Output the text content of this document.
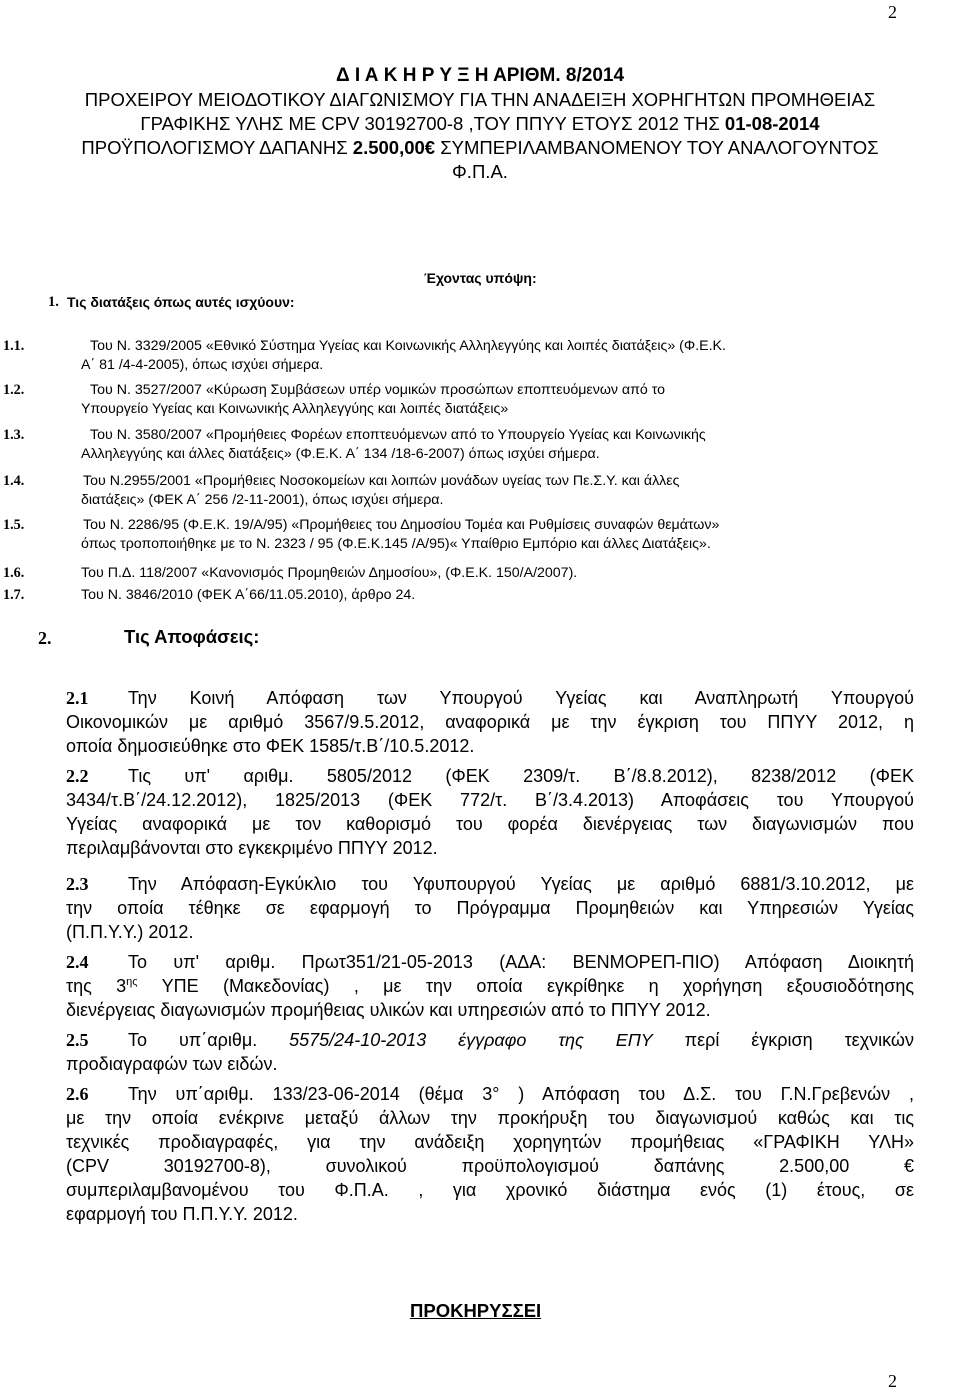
2
2
Δ Ι Α Κ Η Ρ Υ Ξ Η ΑΡΙΘΜ. 8/2014
ΠΡΟΧΕΙΡΟΥ ΜΕΙΟΔΟΤΙΚΟΥ ΔΙΑΓΩΝΙΣΜΟΥ ΓΙΑ ΤΗΝ ΑΝΑΔΕΙΞΗ ΧΟΡΗΓΗΤΩΝ ΠΡΟΜΗΘΕΙΑΣ
ΓΡΑΦΙΚΗΣ ΥΛΗΣ ΜΕ CPV 30192700-8 ,ΤΟΥ ΠΠΥΥ ΕΤΟΥΣ 2012 ΤΗΣ 01-08-2014
ΠΡΟΫΠΟΛΟΓΙΣΜΟΥ ΔΑΠΑΝΗΣ 2.500,00€ ΣΥΜΠΕΡΙΛΑΜΒΑΝΟΜΕΝΟΥ ΤΟΥ ΑΝΑΛΟΓΟΥΝΤΟΣ
Φ.Π.Α.
Έχοντας υπόψη:
1. Τις διατάξεις όπως αυτές ισχύουν:
1.1.	Του Ν. 3329/2005 «Εθνικό Σύστημα Υγείας και Κοινωνικής Αλληλεγγύης και λοιπές διατάξεις» (Φ.Ε.Κ.
Α΄ 81 /4-4-2005), όπως ισχύει σήμερα.
1.2.	Του Ν. 3527/2007 «Κύρωση Συμβάσεων υπέρ νομικών προσώπων εποπτευόμενων από το
Υπουργείο Υγείας και Κοινωνικής Αλληλεγγύης και λοιπές διατάξεις»
1.3.	Του Ν. 3580/2007 «Προμήθειες Φορέων εποπτευόμενων από το Υπουργείο Υγείας και Κοινωνικής
Αλληλεγγύης και άλλες διατάξεις» (Φ.Ε.Κ. Α΄ 134 /18-6-2007) όπως ισχύει σήμερα.
1.4.	Του Ν.2955/2001 «Προμήθειες Νοσοκομείων και λοιπών μονάδων υγείας των Πε.Σ.Υ. και άλλες
διατάξεις» (ΦΕΚ Α΄ 256 /2-11-2001), όπως ισχύει σήμερα.
1.5.	Του Ν. 2286/95 (Φ.Ε.Κ. 19/Α/95) «Προμήθειες του Δημοσίου Τομέα και Ρυθμίσεις συναφών θεμάτων»
όπως τροποποιήθηκε με το Ν. 2323 / 95 (Φ.Ε.Κ.145 /Α/95)« Υπαίθριο Εμπόριο και άλλες Διατάξεις».
1.6.	Του Π.Δ. 118/2007 «Κανονισμός Προμηθειών Δημοσίου», (Φ.Ε.Κ. 150/Α/2007).
1.7.	Του Ν. 3846/2010 (ΦΕΚ Α΄66/11.05.2010), άρθρο 24.
2.	Τις Αποφάσεις:
2.1 Την Κοινή Απόφαση των Υπουργού Υγείας και Αναπληρωτή Υπουργού
Οικονομικών με αριθμό 3567/9.5.2012, αναφορικά με την έγκριση του ΠΠΥΥ 2012, η
οποία δημοσιεύθηκε στο ΦΕΚ 1585/τ.Β΄/10.5.2012.
2.2 Τις υπ' αριθμ. 5805/2012 (ΦΕΚ 2309/τ. Β΄/8.8.2012), 8238/2012 (ΦΕΚ
3434/τ.Β΄/24.12.2012), 1825/2013 (ΦΕΚ 772/τ. Β΄/3.4.2013) Αποφάσεις του Υπουργού
Υγείας αναφορικά με τον καθορισμό του φορέα διενέργειας των διαγωνισμών που
περιλαμβάνονται στο εγκεκριμένο ΠΠΥΥ 2012.
2.3 Την Απόφαση-Εγκύκλιο του Υφυπουργού Υγείας με αριθμό 6881/3.10.2012, με
την οποία τέθηκε σε εφαρμογή το Πρόγραμμα Προμηθειών και Υπηρεσιών Υγείας
(Π.Π.Υ.Υ.) 2012.
2.4 Το υπ' αριθμ. Πρωτ351/21-05-2013 (ΑΔΑ: ΒΕΝΜΟΡΕΠ-ΠΙΟ) Απόφαση Διοικητή
της $3^{\eta\varsigma}$ ΥΠΕ (Μακεδονίας) , με την οποία εγκρίθηκε η χορήγηση εξουσιοδότησης
διενέργειας διαγωνισμών προμήθειας υλικών και υπηρεσιών από το ΠΠΥΥ 2012.
2.5 Το υπ΄αριθμ. 5575/24-10-2013 έγγραφο της ΕΠΥ περί έγκριση τεχνικών
προδιαγραφών των ειδών.
2.6 Την υπ΄αριθμ. 133/23-06-2014 (θέμα 3° ) Απόφαση του Δ.Σ. του Γ.Ν.Γρεβενών ,
με την οποία ενέκρινε μεταξύ άλλων την προκήρυξη του διαγωνισμού καθώς και τις
τεχνικές προδιαγραφές, για την ανάδειξη χορηγητών προμήθειας «ΓΡΑΦΙΚΗ ΥΛΗ»
(CPV 30192700-8), συνολικού προϋπολογισμού δαπάνης 2.500,00 €
συμπεριλαμβανομένου του Φ.Π.Α. , για χρονικό διάστημα ενός (1) έτους, σε
εφαρμογή του Π.Π.Υ.Υ. 2012.
ΠΡΟΚΗΡΥΣΣΕΙ
